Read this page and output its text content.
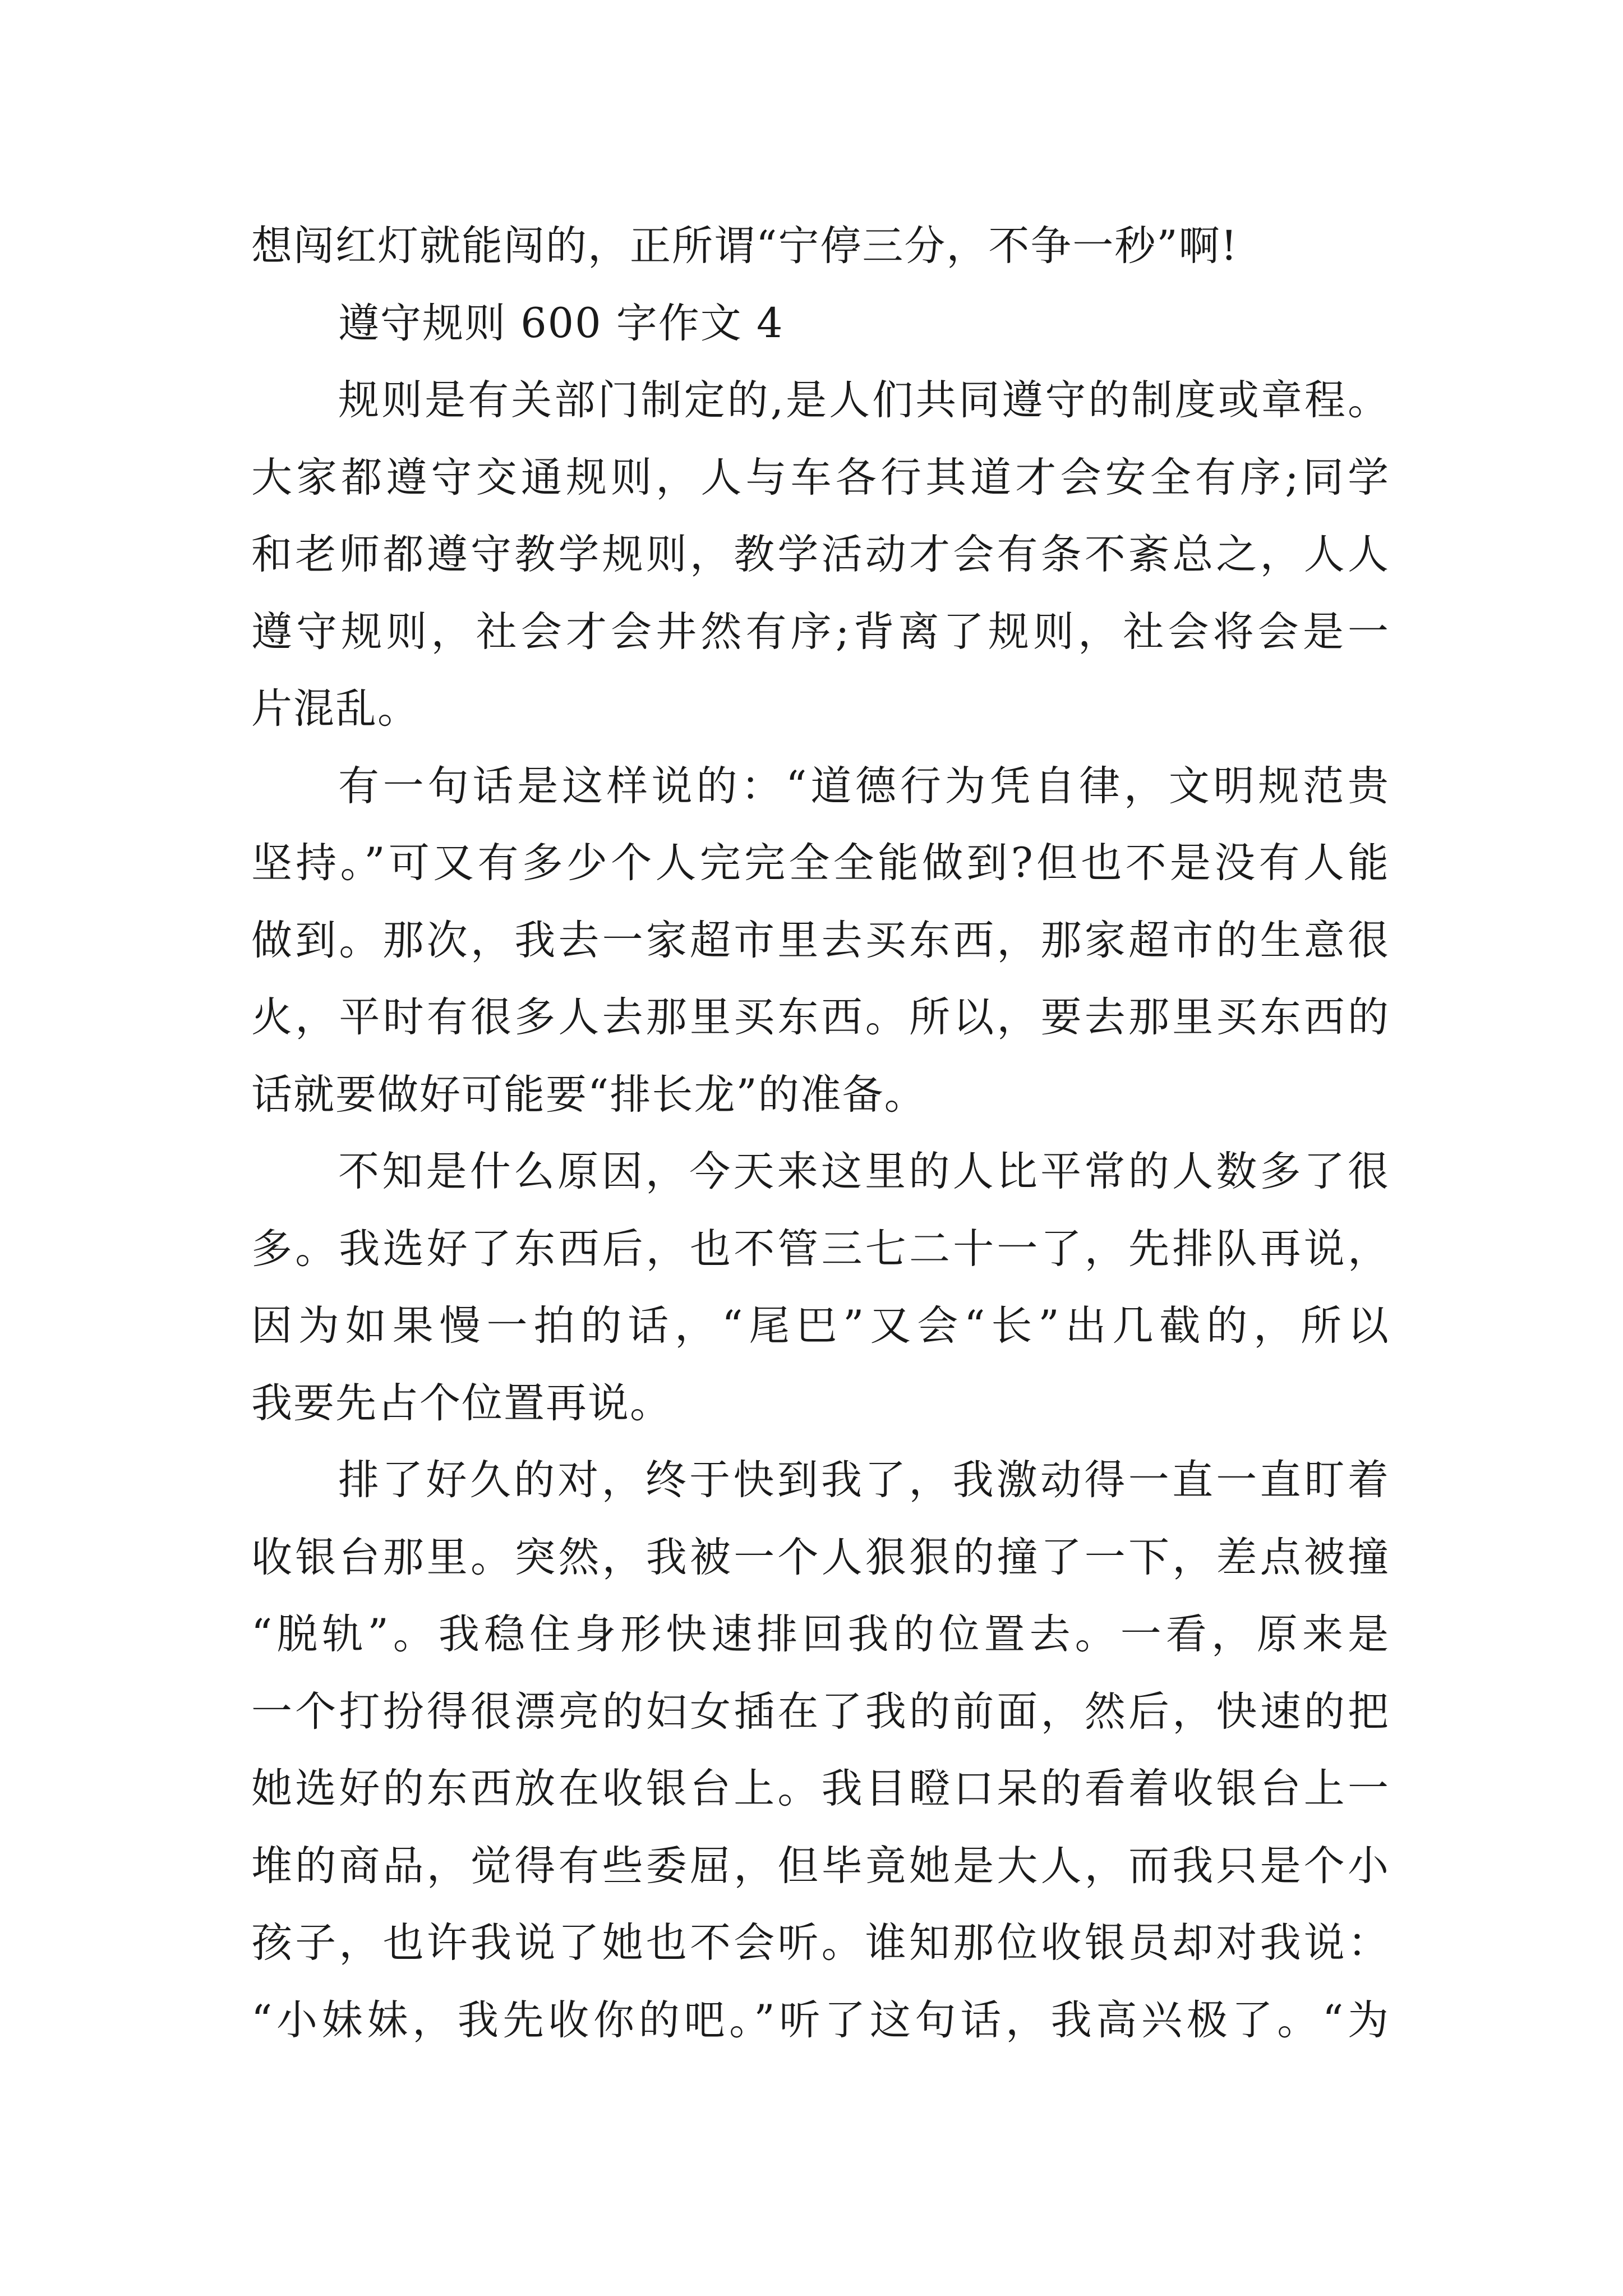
想闯红灯就能闯的，正所谓“宁停三分，不争一秒”啊!
遵守规则 600 字作文 4
规则是有关部门制定的,是人们共同遵守的制度或章程。
大家都遵守交通规则，人与车各行其道才会安全有序;同学
和老师都遵守教学规则，教学活动才会有条不紊总之，人人
遵守规则，社会才会井然有序;背离了规则，社会将会是一
片混乱。
有一句话是这样说的：“道德行为凭自律，文明规范贵
坚持。”可又有多少个人完完全全能做到?但也不是没有人能
做到。那次，我去一家超市里去买东西，那家超市的生意很
火，平时有很多人去那里买东西。所以，要去那里买东西的
话就要做好可能要“排长龙”的准备。
不知是什么原因，今天来这里的人比平常的人数多了很
多。我选好了东西后，也不管三七二十一了，先排队再说，
因为如果慢一拍的话，“尾巴”又会“长”出几截的，所以
我要先占个位置再说。
排了好久的对，终于快到我了，我激动得一直一直盯着
收银台那里。突然，我被一个人狠狠的撞了一下，差点被撞
“脱轨”。我稳住身形快速排回我的位置去。一看，原来是
一个打扮得很漂亮的妇女插在了我的前面，然后，快速的把
她选好的东西放在收银台上。我目瞪口呆的看着收银台上一
堆的商品，觉得有些委屈，但毕竟她是大人，而我只是个小
孩子，也许我说了她也不会听。谁知那位收银员却对我说：
“小妹妹，我先收你的吧。”听了这句话，我高兴极了。“为
